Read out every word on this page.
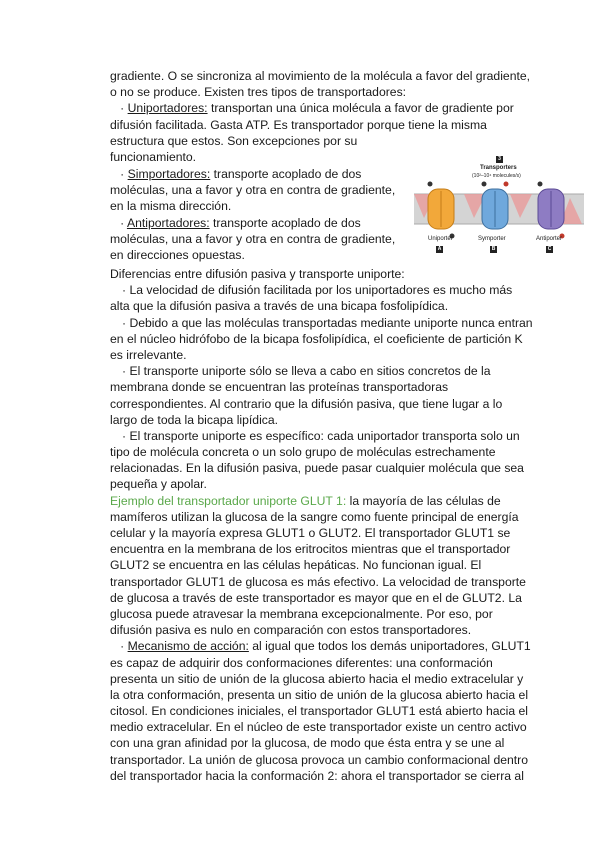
gradiente. O se sincroniza al movimiento de la molécula a favor del gradiente,
o no se produce. Existen tres tipos de transportadores:
· Uniportadores: transportan una única molécula a favor de gradiente por
difusión facilitada. Gasta ATP. Es transportador porque tiene la misma
estructura que estos. Son excepciones por su
funcionamiento.
· Simportadores: transporte acoplado de dos
moléculas, una a favor y otra en contra de gradiente,
en la misma dirección.
· Antiportadores: transporte acoplado de dos
moléculas, una a favor y otra en contra de gradiente,
en direcciones opuestas.
3
Transporters
(10²–10⁴ molecules/s)
Uniporter	Symporter	Antiporter
A	B	C
Diferencias entre difusión pasiva y transporte uniporte:
· La velocidad de difusión facilitada por los uniportadores es mucho más
alta que la difusión pasiva a través de una bicapa fosfolipídica.
· Debido a que las moléculas transportadas mediante uniporte nunca entran
en el núcleo hidrófobo de la bicapa fosfolipídica, el coeficiente de partición K
es irrelevante.
· El transporte uniporte sólo se lleva a cabo en sitios concretos de la
membrana donde se encuentran las proteínas transportadoras
correspondientes. Al contrario que la difusión pasiva, que tiene lugar a lo
largo de toda la bicapa lipídica.
· El transporte uniporte es específico: cada uniportador transporta solo un
tipo de molécula concreta o un solo grupo de moléculas estrechamente
relacionadas. En la difusión pasiva, puede pasar cualquier molécula que sea
pequeña y apolar.
Ejemplo del transportador uniporte GLUT 1: la mayoría de las células de
mamíferos utilizan la glucosa de la sangre como fuente principal de energía
celular y la mayoría expresa GLUT1 o GLUT2. El transportador GLUT1 se
encuentra en la membrana de los eritrocitos mientras que el transportador
GLUT2 se encuentra en las células hepáticas. No funcionan igual. El
transportador GLUT1 de glucosa es más efectivo. La velocidad de transporte
de glucosa a través de este transportador es mayor que en el de GLUT2. La
glucosa puede atravesar la membrana excepcionalmente. Por eso, por
difusión pasiva es nulo en comparación con estos transportadores.
· Mecanismo de acción: al igual que todos los demás uniportadores, GLUT1
es capaz de adquirir dos conformaciones diferentes: una conformación
presenta un sitio de unión de la glucosa abierto hacia el medio extracelular y
la otra conformación, presenta un sitio de unión de la glucosa abierto hacia el
citosol. En condiciones iniciales, el transportador GLUT1 está abierto hacia el
medio extracelular. En el núcleo de este transportador existe un centro activo
con una gran afinidad por la glucosa, de modo que ésta entra y se une al
transportador. La unión de glucosa provoca un cambio conformacional dentro
del transportador hacia la conformación 2: ahora el transportador se cierra al
